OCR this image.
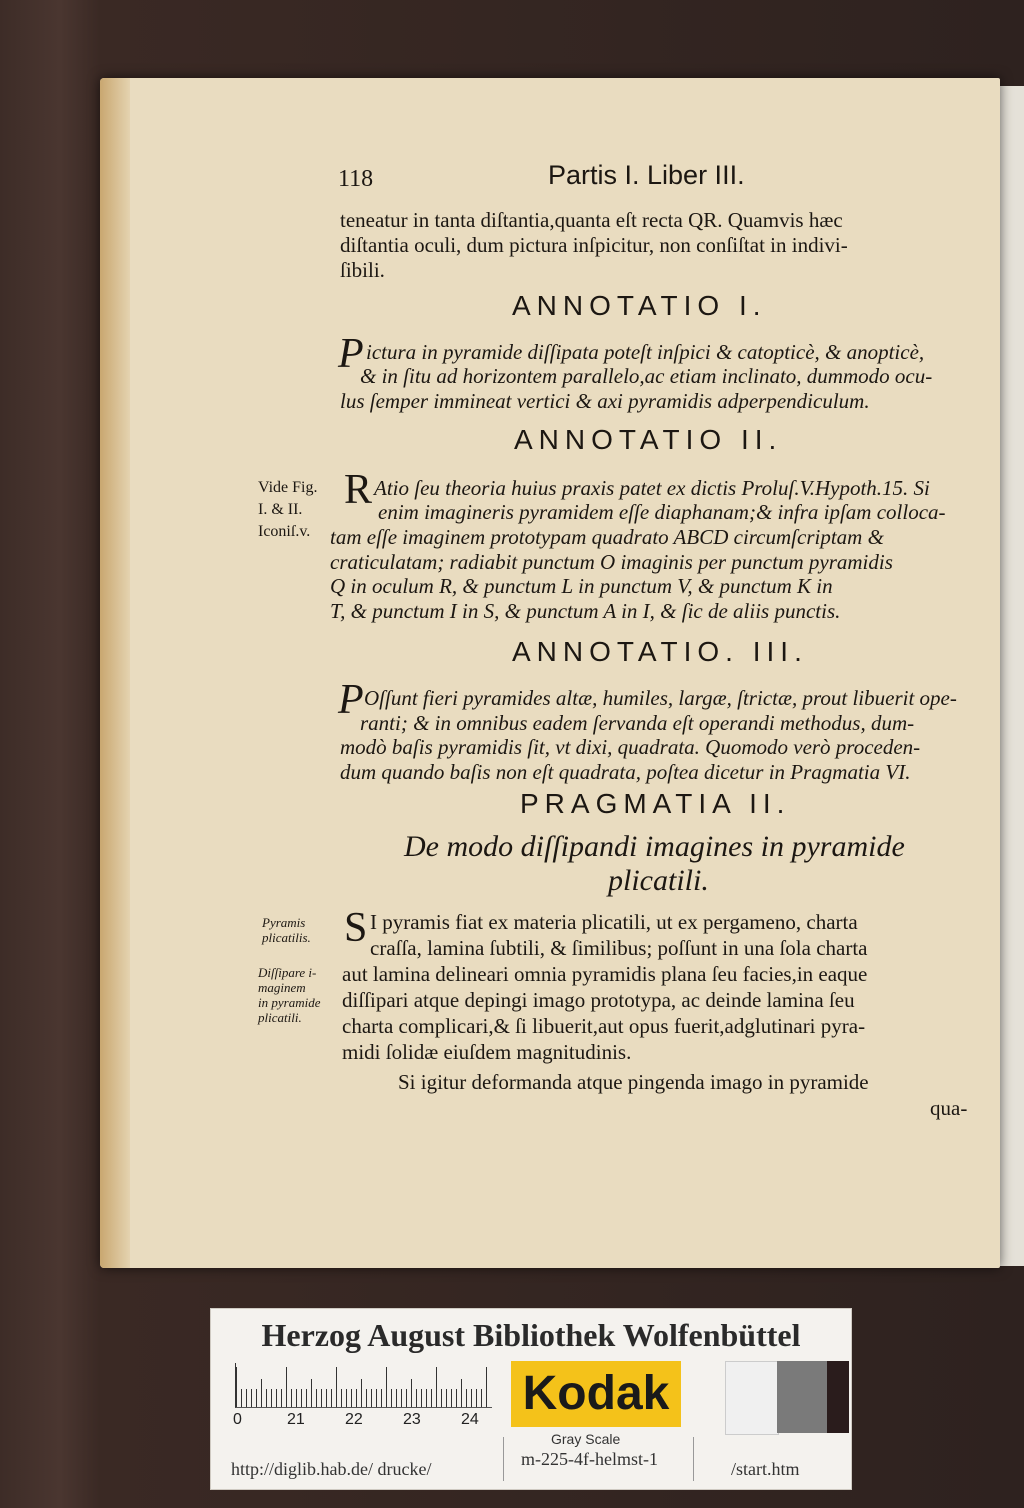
118	Partis I. Liber III.
teneatur in tanta diſtantia,quanta eſt recta QR. Quamvis hæc
diſtantia oculi, dum pictura inſpicitur, non conſiſtat in indivi-
ſibili.
ANNOTATIO I.
P ictura in pyramide diſſipata poteſt inſpici & catopticè, & anopticè,
& in ſitu ad horizontem parallelo,ac etiam inclinato, dummodo ocu-
lus ſemper immineat vertici & axi pyramidis adperpendiculum.
ANNOTATIO II.
Vide Fig.
I. & II.
Iconiſ.v.
R Atio ſeu theoria huius praxis patet ex dictis Proluſ.V.Hypoth.15. Si
enim imagineris pyramidem eſſe diaphanam;& infra ipſam colloca-
tam eſſe imaginem prototypam quadrato ABCD circumſcriptam &
craticulatam; radiabit punctum O imaginis per punctum pyramidis
Q in oculum R, & punctum L in punctum V, & punctum K in
T, & punctum I in S, & punctum A in I, & ſic de aliis punctis.
ANNOTATIO. III.
P Oſſunt fieri pyramides altæ, humiles, largæ, ſtrictæ, prout libuerit ope-
ranti; & in omnibus eadem ſervanda eſt operandi methodus, dum-
modò baſis pyramidis ſit, vt dixi, quadrata. Quomodo verò proceden-
dum quando baſis non eſt quadrata, poſtea dicetur in Pragmatia VI.
PRAGMATIA II.
De modo diſſipandi imagines in pyramide
plicatili.
Pyramis
plicatilis.
Diſſipare i-
maginem
in pyramide
plicatili.
S I pyramis fiat ex materia plicatili, ut ex pergameno, charta
craſſa, lamina ſubtili, & ſimilibus; poſſunt in una ſola charta
aut lamina delineari omnia pyramidis plana ſeu facies,in eaque
diſſipari atque depingi imago prototypa, ac deinde lamina ſeu
charta complicari,& ſi libuerit,aut opus fuerit,adglutinari pyra-
midi ſolidæ eiuſdem magnitudinis.
Si igitur deformanda atque pingenda imago in pyramide
qua-
Herzog August Bibliothek Wolfenbüttel
0	21	22	23	24 Kodak
Gray Scale
http://diglib.hab.de/ drucke/	m-225-4f-helmst-1	/start.htm
